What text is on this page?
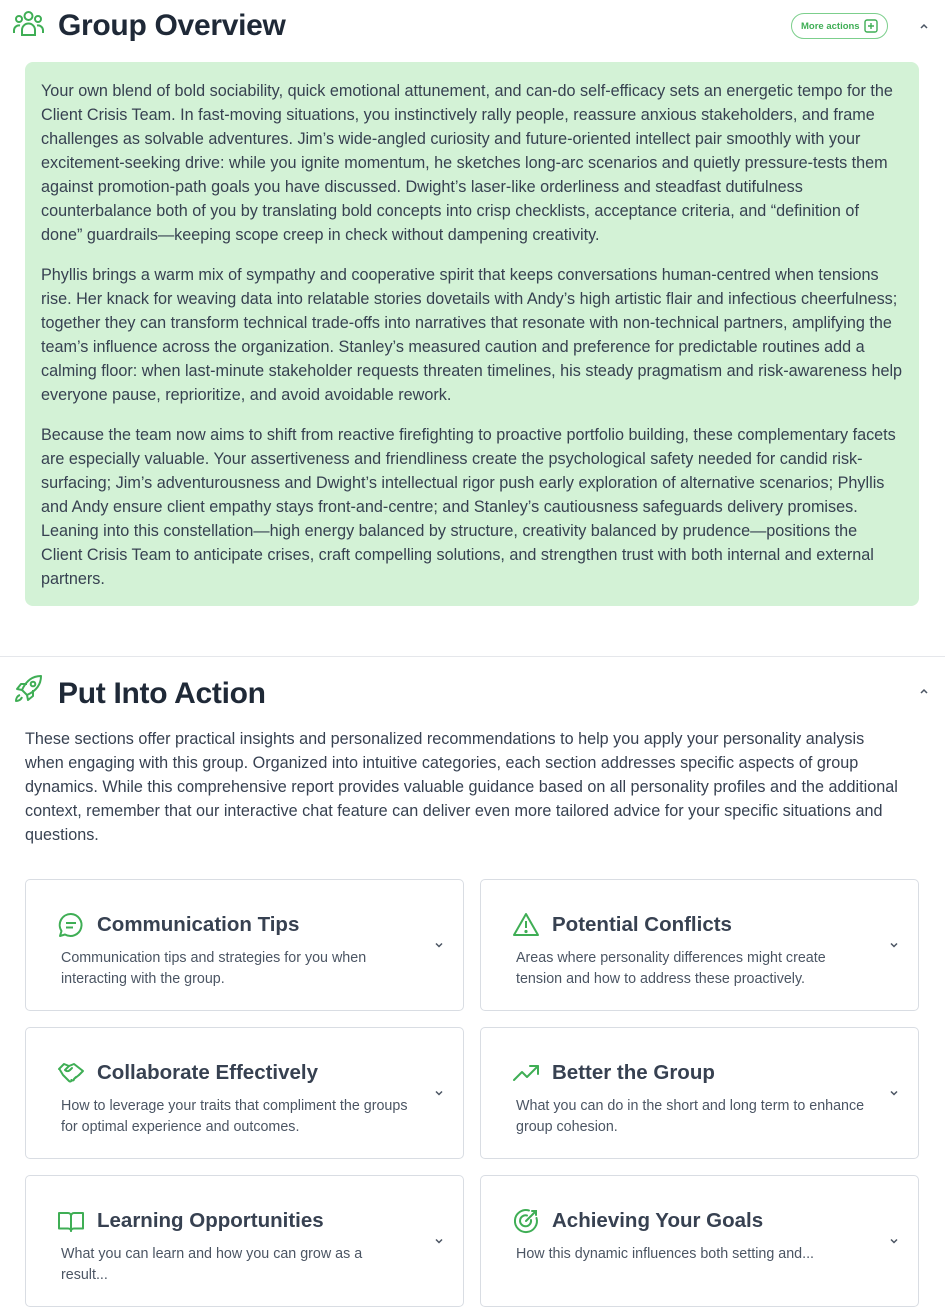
Group Overview	More actions

Your own blend of bold sociability, quick emotional attunement, and can-do self-efficacy sets an energetic tempo for the Client Crisis Team. In fast-moving situations, you instinctively rally people, reassure anxious stakeholders, and frame challenges as solvable adventures. Jim’s wide-angled curiosity and future-oriented intellect pair smoothly with your excitement-seeking drive: while you ignite momentum, he sketches long-arc scenarios and quietly pressure-tests them against promotion-path goals you have discussed. Dwight’s laser-like orderliness and steadfast dutifulness counterbalance both of you by translating bold concepts into crisp checklists, acceptance criteria, and “definition of done” guardrails—keeping scope creep in check without dampening creativity.

Phyllis brings a warm mix of sympathy and cooperative spirit that keeps conversations human-centred when tensions rise. Her knack for weaving data into relatable stories dovetails with Andy’s high artistic flair and infectious cheerfulness; together they can transform technical trade-offs into narratives that resonate with non-technical partners, amplifying the team’s influence across the organization. Stanley’s measured caution and preference for predictable routines add a calming floor: when last-minute stakeholder requests threaten timelines, his steady pragmatism and risk-awareness help everyone pause, reprioritize, and avoid avoidable rework.

Because the team now aims to shift from reactive firefighting to proactive portfolio building, these complementary facets are especially valuable. Your assertiveness and friendliness create the psychological safety needed for candid risk-surfacing; Jim’s adventurousness and Dwight’s intellectual rigor push early exploration of alternative scenarios; Phyllis and Andy ensure client empathy stays front-and-centre; and Stanley’s cautiousness safeguards delivery promises. Leaning into this constellation—high energy balanced by structure, creativity balanced by prudence—positions the Client Crisis Team to anticipate crises, craft compelling solutions, and strengthen trust with both internal and external partners.

Put Into Action

These sections offer practical insights and personalized recommendations to help you apply your personality analysis when engaging with this group. Organized into intuitive categories, each section addresses specific aspects of group dynamics. While this comprehensive report provides valuable guidance based on all personality profiles and the additional context, remember that our interactive chat feature can deliver even more tailored advice for your specific situations and questions.

Communication Tips
Communication tips and strategies for you when interacting with the group.
Potential Conflicts
Areas where personality differences might create tension and how to address these proactively.
Collaborate Effectively
How to leverage your traits that compliment the groups for optimal experience and outcomes.
Better the Group
What you can do in the short and long term to enhance group cohesion.
Learning Opportunities
What you can learn and how you can grow as a result...
Achieving Your Goals
How this dynamic influences both setting and...
